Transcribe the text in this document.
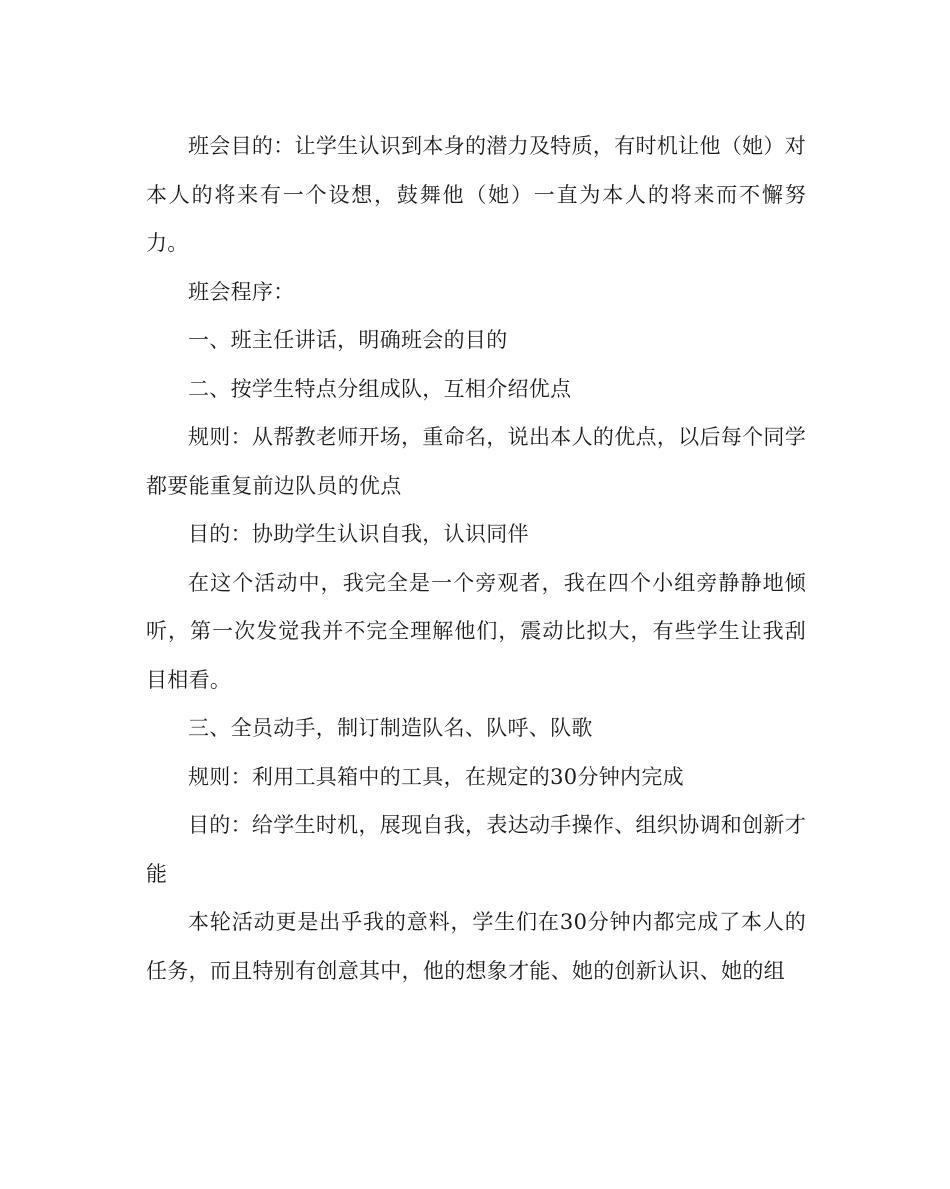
班会目的：让学生认识到本身的潜力及特质，有时机让他（她）对本人的将来有一个设想，鼓舞他（她）一直为本人的将来而不懈努力。

班会程序：

一、班主任讲话，明确班会的目的

二、按学生特点分组成队，互相介绍优点

规则：从帮教老师开场，重命名，说出本人的优点，以后每个同学都要能重复前边队员的优点

目的：协助学生认识自我，认识同伴

在这个活动中，我完全是一个旁观者，我在四个小组旁静静地倾听，第一次发觉我并不完全理解他们，震动比拟大，有些学生让我刮目相看。

三、全员动手，制订制造队名、队呼、队歌

规则：利用工具箱中的工具，在规定的30分钟内完成

目的：给学生时机，展现自我，表达动手操作、组织协调和创新才能

本轮活动更是出乎我的意料，学生们在30分钟内都完成了本人的任务，而且特别有创意其中，他的想象才能、她的创新认识、她的组
